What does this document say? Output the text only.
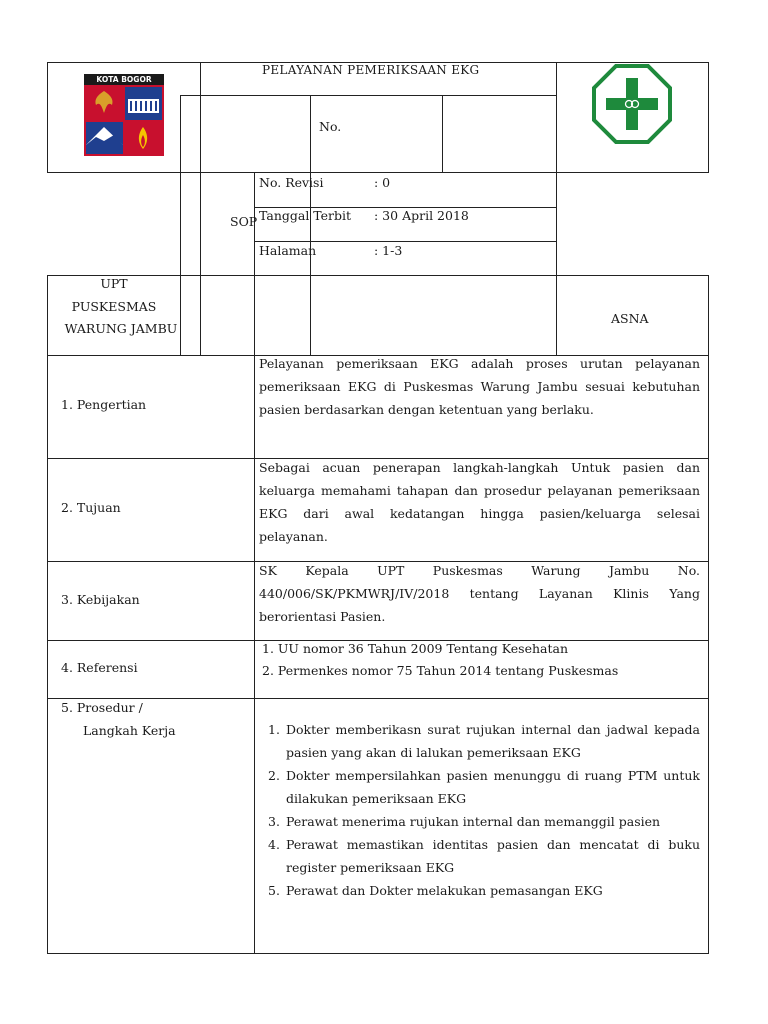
KOTA BOGOR
PELAYANAN PEMERIKSAAN EKG
No.
SOP
No. Revisi	: 0
Tanggal Terbit : 30 April 2018
Halaman	: 1-3
UPT
PUSKESMAS
WARUNG JAMBU
ASNA
1. Pengertian
Pelayanan pemeriksaan EKG adalah proses urutan pelayanan pemeriksaan EKG di Puskesmas Warung Jambu sesuai kebutuhan pasien berdasarkan dengan ketentuan yang berlaku.
2. Tujuan
Sebagai acuan penerapan langkah-langkah Untuk pasien dan keluarga memahami tahapan dan prosedur pelayanan pemeriksaan EKG dari awal kedatangan hingga pasien/keluarga selesai pelayanan.
3. Kebijakan
SK Kepala UPT Puskesmas Warung Jambu No. 440/006/SK/PKMWRJ/IV/2018 tentang Layanan Klinis Yang berorientasi Pasien.
4. Referensi
1. UU nomor 36 Tahun 2009 Tentang Kesehatan
2. Permenkes nomor 75 Tahun 2014 tentang Puskesmas
5. Prosedur /
Langkah Kerja	1. Dokter memberikasn surat rujukan internal dan jadwal kepada pasien yang akan di lalukan pemeriksaan EKG
2. Dokter mempersilahkan pasien menunggu di ruang PTM untuk dilakukan pemeriksaan EKG
3. Perawat menerima rujukan internal dan memanggil pasien
4. Perawat memastikan identitas pasien dan mencatat di buku register pemeriksaan EKG
5. Perawat dan Dokter melakukan pemasangan EKG
